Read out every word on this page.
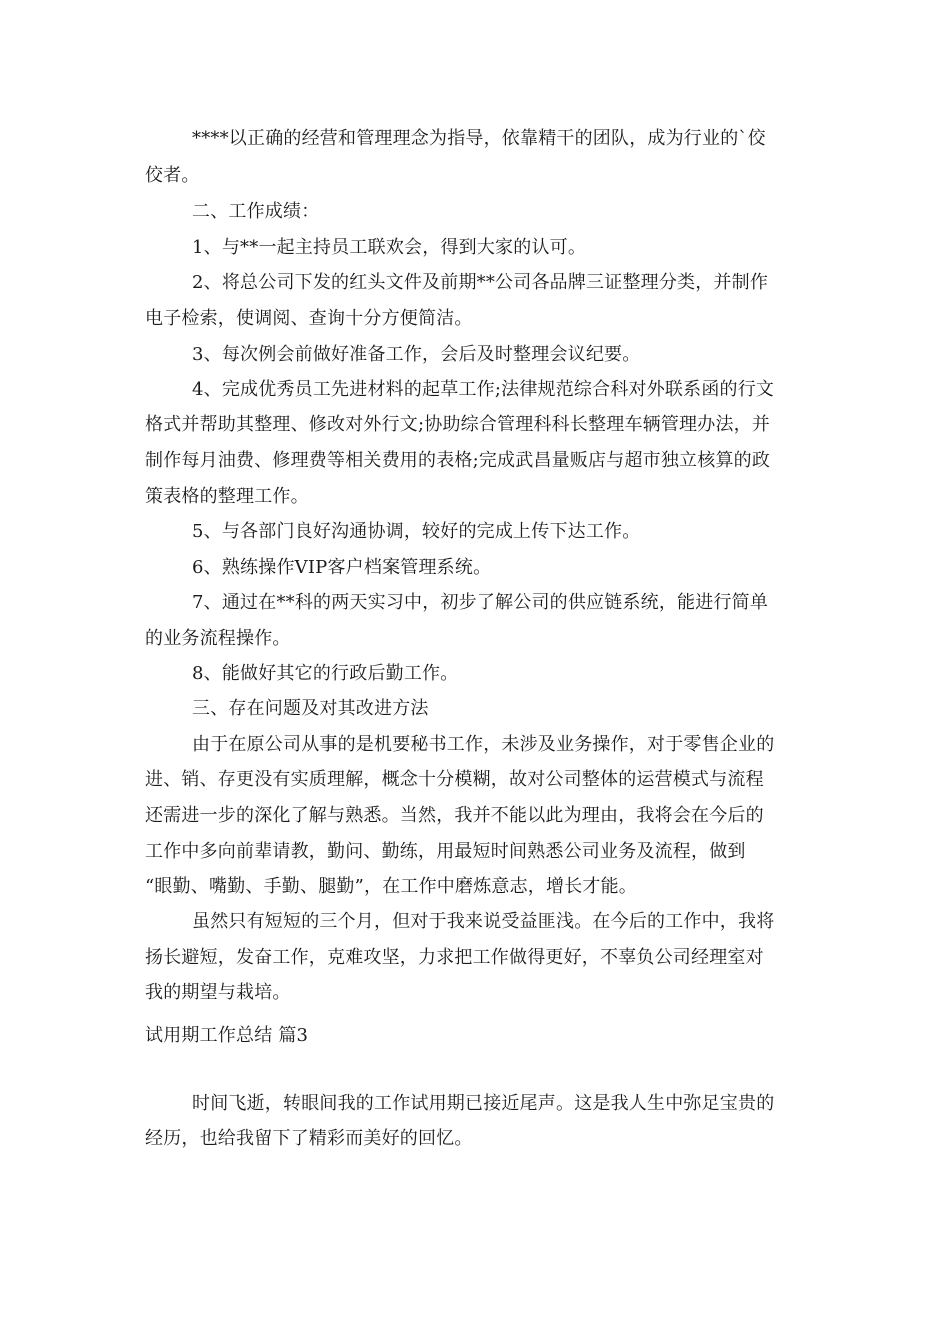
****以正确的经营和管理理念为指导，依靠精干的团队，成为行业的`佼
佼者。
二、工作成绩：
1、与**一起主持员工联欢会，得到大家的认可。
2、将总公司下发的红头文件及前期**公司各品牌三证整理分类，并制作
电子检索，使调阅、查询十分方便简洁。
3、每次例会前做好准备工作，会后及时整理会议纪要。
4、完成优秀员工先进材料的起草工作;法律规范综合科对外联系函的行文
格式并帮助其整理、修改对外行文;协助综合管理科科长整理车辆管理办法，并
制作每月油费、修理费等相关费用的表格;完成武昌量贩店与超市独立核算的政
策表格的整理工作。
5、与各部门良好沟通协调，较好的完成上传下达工作。
6、熟练操作VIP客户档案管理系统。
7、通过在**科的两天实习中，初步了解公司的供应链系统，能进行简单
的业务流程操作。
8、能做好其它的行政后勤工作。
三、存在问题及对其改进方法
由于在原公司从事的是机要秘书工作，未涉及业务操作，对于零售企业的
进、销、存更没有实质理解，概念十分模糊，故对公司整体的运营模式与流程
还需进一步的深化了解与熟悉。当然，我并不能以此为理由，我将会在今后的
工作中多向前辈请教，勤问、勤练，用最短时间熟悉公司业务及流程，做到
“眼勤、嘴勤、手勤、腿勤”，在工作中磨炼意志，增长才能。
虽然只有短短的三个月，但对于我来说受益匪浅。在今后的工作中，我将
扬长避短，发奋工作，克难攻坚，力求把工作做得更好，不辜负公司经理室对
我的期望与栽培。
试用期工作总结 篇3
时间飞逝，转眼间我的工作试用期已接近尾声。这是我人生中弥足宝贵的
经历，也给我留下了精彩而美好的回忆。
